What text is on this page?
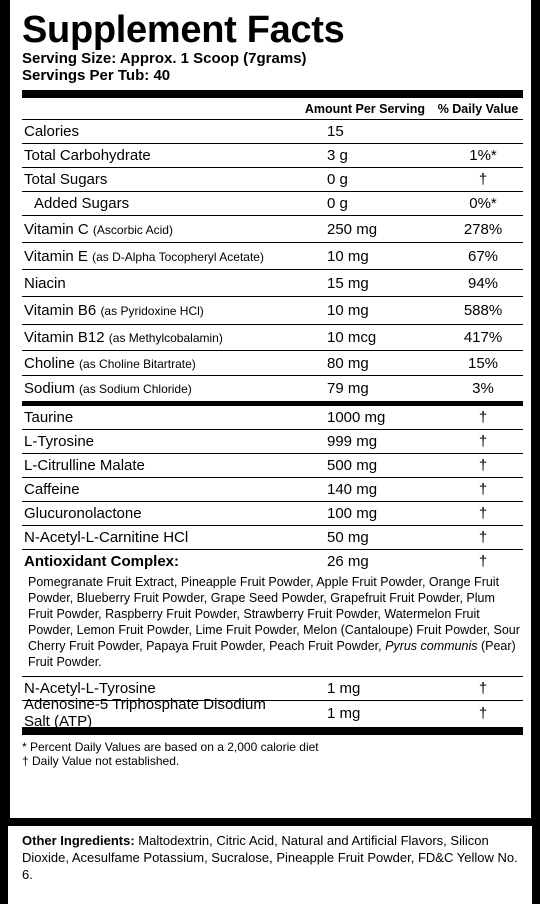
Supplement Facts
Serving Size: Approx. 1 Scoop (7grams)
Servings Per Tub: 40
Amount Per Serving	% Daily Value
Calories	15
Total Carbohydrate	3 g	1%*
Total Sugars	0 g	†
Added Sugars	0 g	0%*
Vitamin C (Ascorbic Acid)	250 mg	278%
Vitamin E (as D-Alpha Tocopheryl Acetate)	10 mg	67%
Niacin	15 mg	94%
Vitamin B6 (as Pyridoxine HCl)	10 mg	588%
Vitamin B12 (as Methylcobalamin)	10 mcg	417%
Choline (as Choline Bitartrate)	80 mg	15%
Sodium (as Sodium Chloride)	79 mg	3%
Taurine	1000 mg	†
L-Tyrosine	999 mg	†
L-Citrulline Malate	500 mg	†
Caffeine	140 mg	†
Glucuronolactone	100 mg	†
N-Acetyl-L-Carnitine HCl	50 mg	†
Antioxidant Complex:	26 mg	†
Pomegranate Fruit Extract, Pineapple Fruit Powder, Apple Fruit Powder, Orange Fruit Powder, Blueberry Fruit Powder, Grape Seed Powder, Grapefruit Fruit Powder, Plum Fruit Powder, Raspberry Fruit Powder, Strawberry Fruit Powder, Watermelon Fruit Powder, Lemon Fruit Powder, Lime Fruit Powder, Melon (Cantaloupe) Fruit Powder, Sour Cherry Fruit Powder, Papaya Fruit Powder, Peach Fruit Powder, Pyrus communis (Pear) Fruit Powder.
N-Acetyl-L-Tyrosine	1 mg	†
Adenosine-5 Triphosphate Disodium Salt (ATP)	1 mg	†
* Percent Daily Values are based on a 2,000 calorie diet
† Daily Value not established.
Other Ingredients: Maltodextrin, Citric Acid, Natural and Artificial Flavors, Silicon Dioxide, Acesulfame Potassium, Sucralose, Pineapple Fruit Powder, FD&C Yellow No. 6.
